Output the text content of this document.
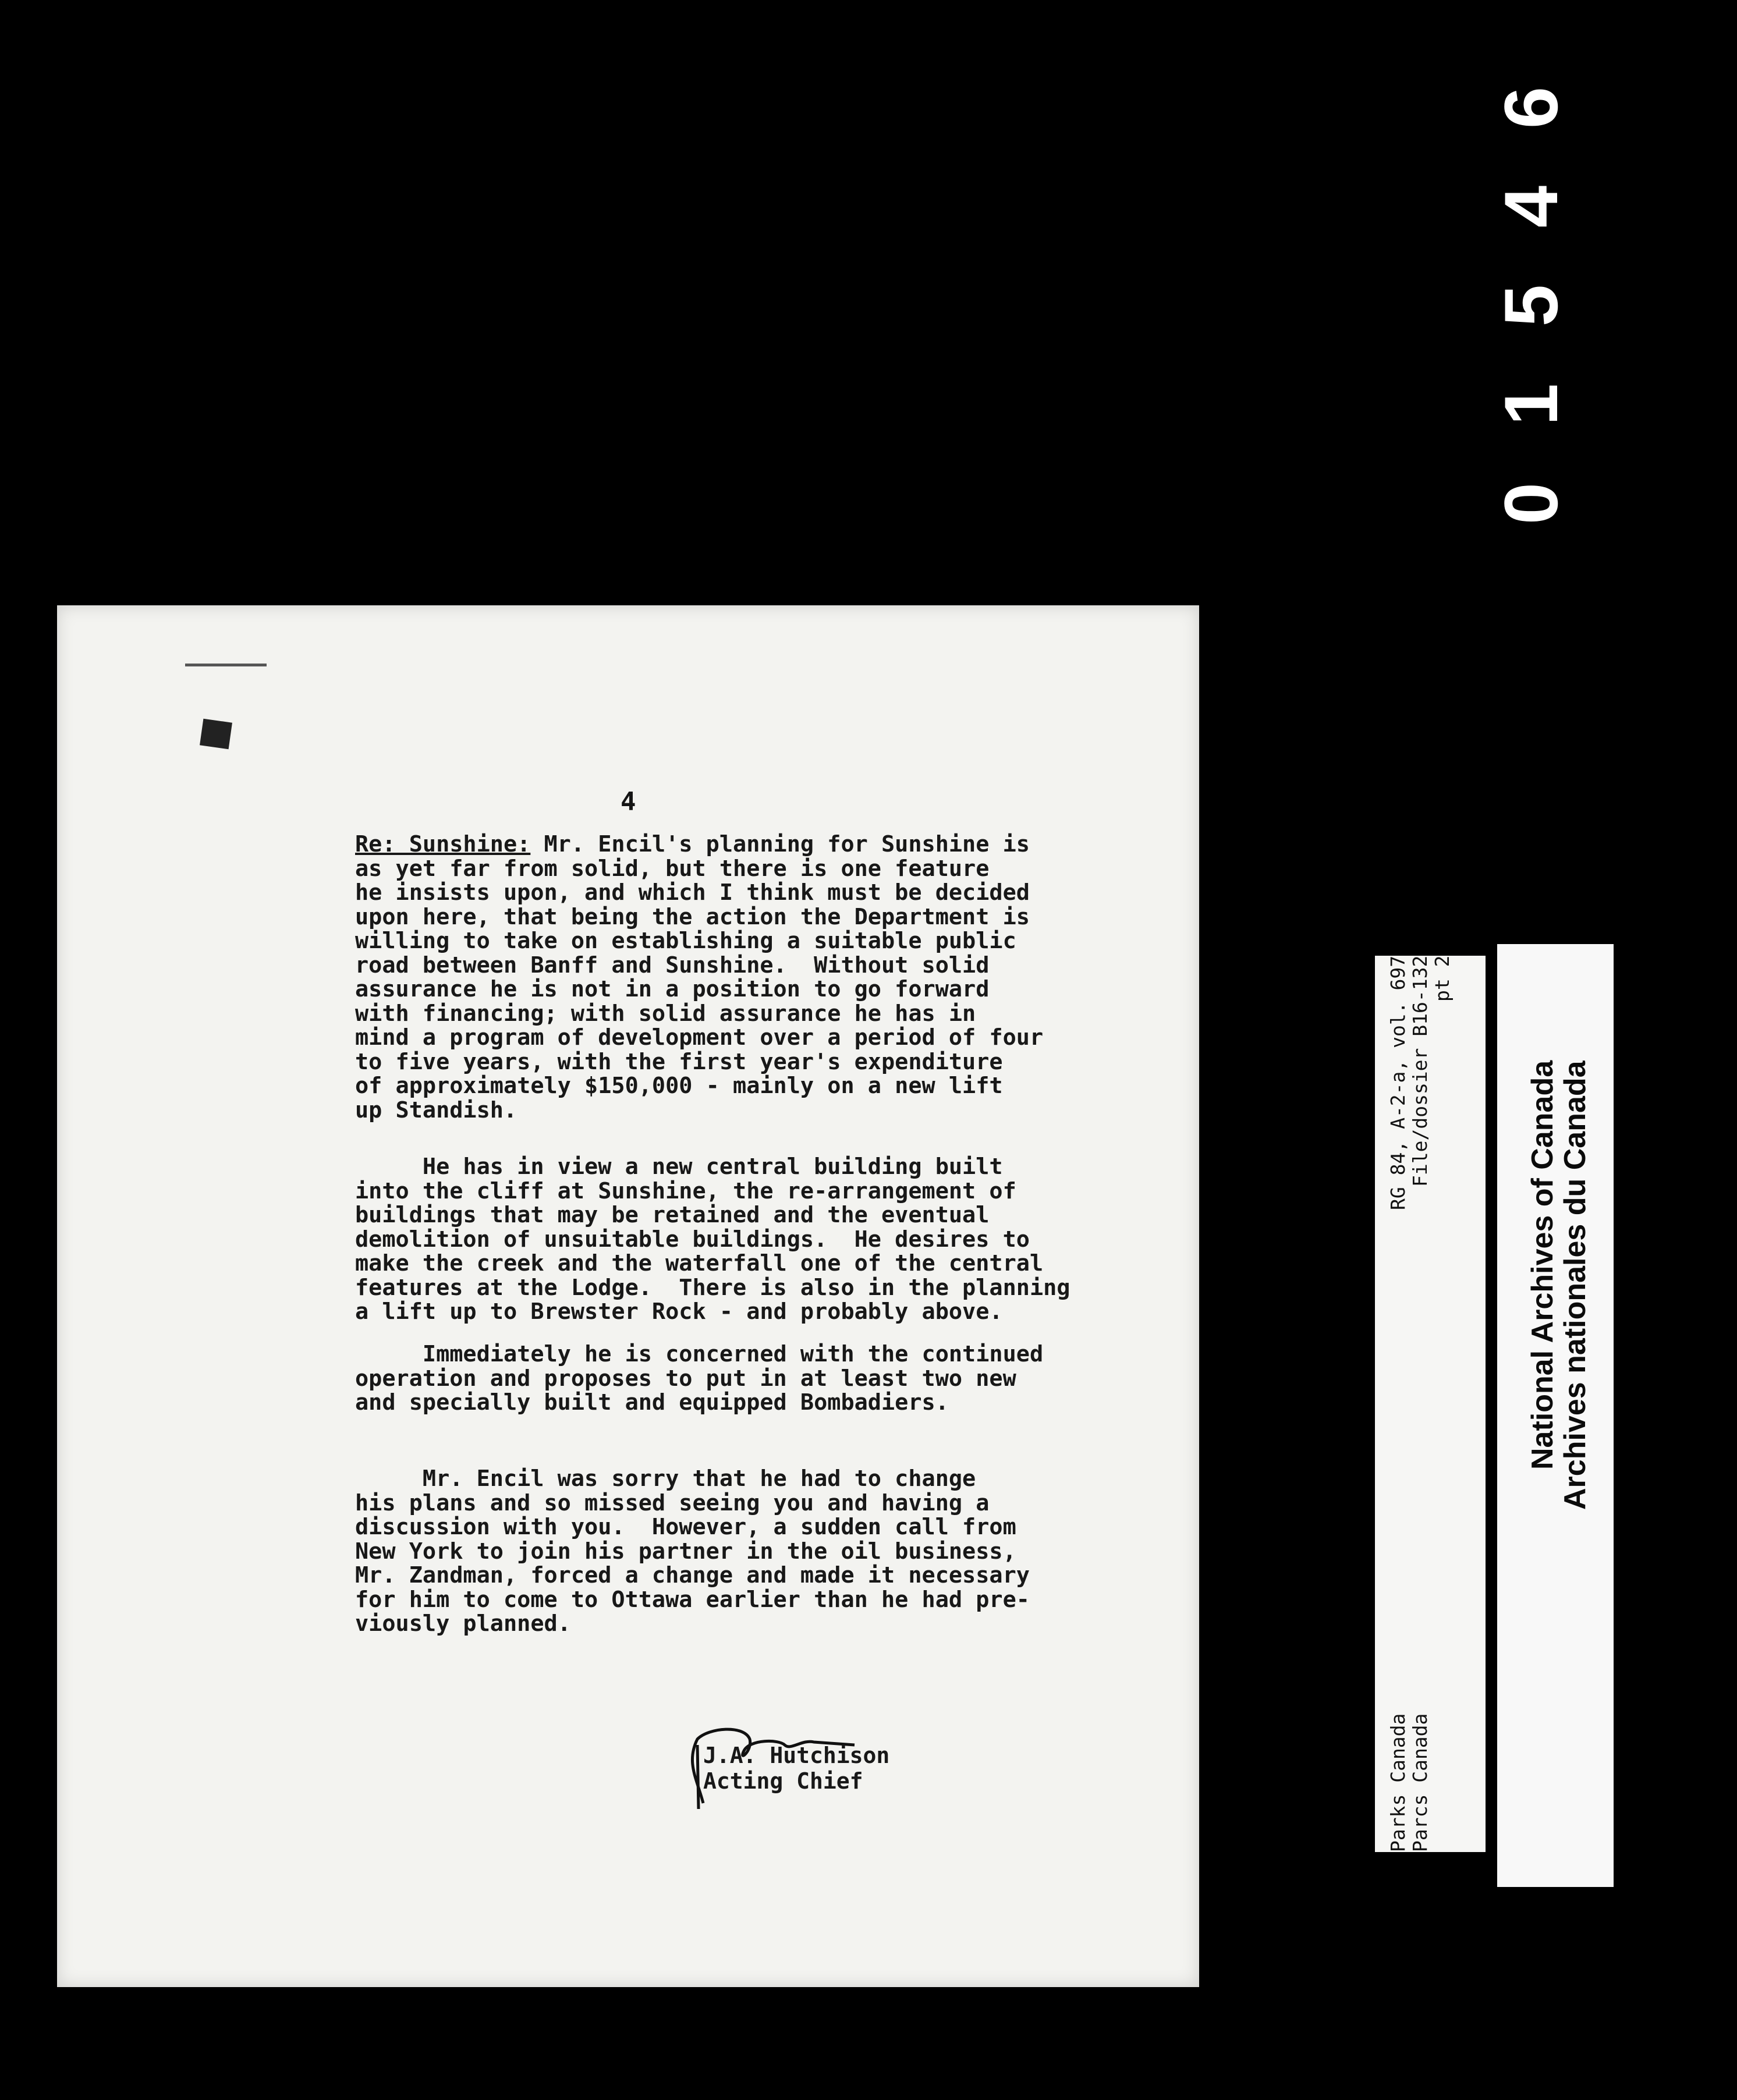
0
1
5
4
6
4
Re: Sunshine: Mr. Encil's planning for Sunshine is
as yet far from solid, but there is one feature
he insists upon, and which I think must be decided
upon here, that being the action the Department is
willing to take on establishing a suitable public
road between Banff and Sunshine.  Without solid
assurance he is not in a position to go forward
with financing; with solid assurance he has in
mind a program of development over a period of four
to five years, with the first year's expenditure
of approximately $150,000 - mainly on a new lift
up Standish.
He has in view a new central building built
into the cliff at Sunshine, the re-arrangement of
buildings that may be retained and the eventual
demolition of unsuitable buildings.  He desires to
make the creek and the waterfall one of the central
features at the Lodge.  There is also in the planning
a lift up to Brewster Rock - and probably above.
Immediately he is concerned with the continued
operation and proposes to put in at least two new
and specially built and equipped Bombadiers.
Mr. Encil was sorry that he had to change
his plans and so missed seeing you and having a
discussion with you.  However, a sudden call from
New York to join his partner in the oil business,
Mr. Zandman, forced a change and made it necessary
for him to come to Ottawa earlier than he had pre-
viously planned.
J.A. Hutchison
Acting Chief
RG 84, A-2-a, vol. 697 File/dossier B16-132 pt 2
Parks Canada Parcs Canada
National Archives of Canada
Archives nationales du Canada
